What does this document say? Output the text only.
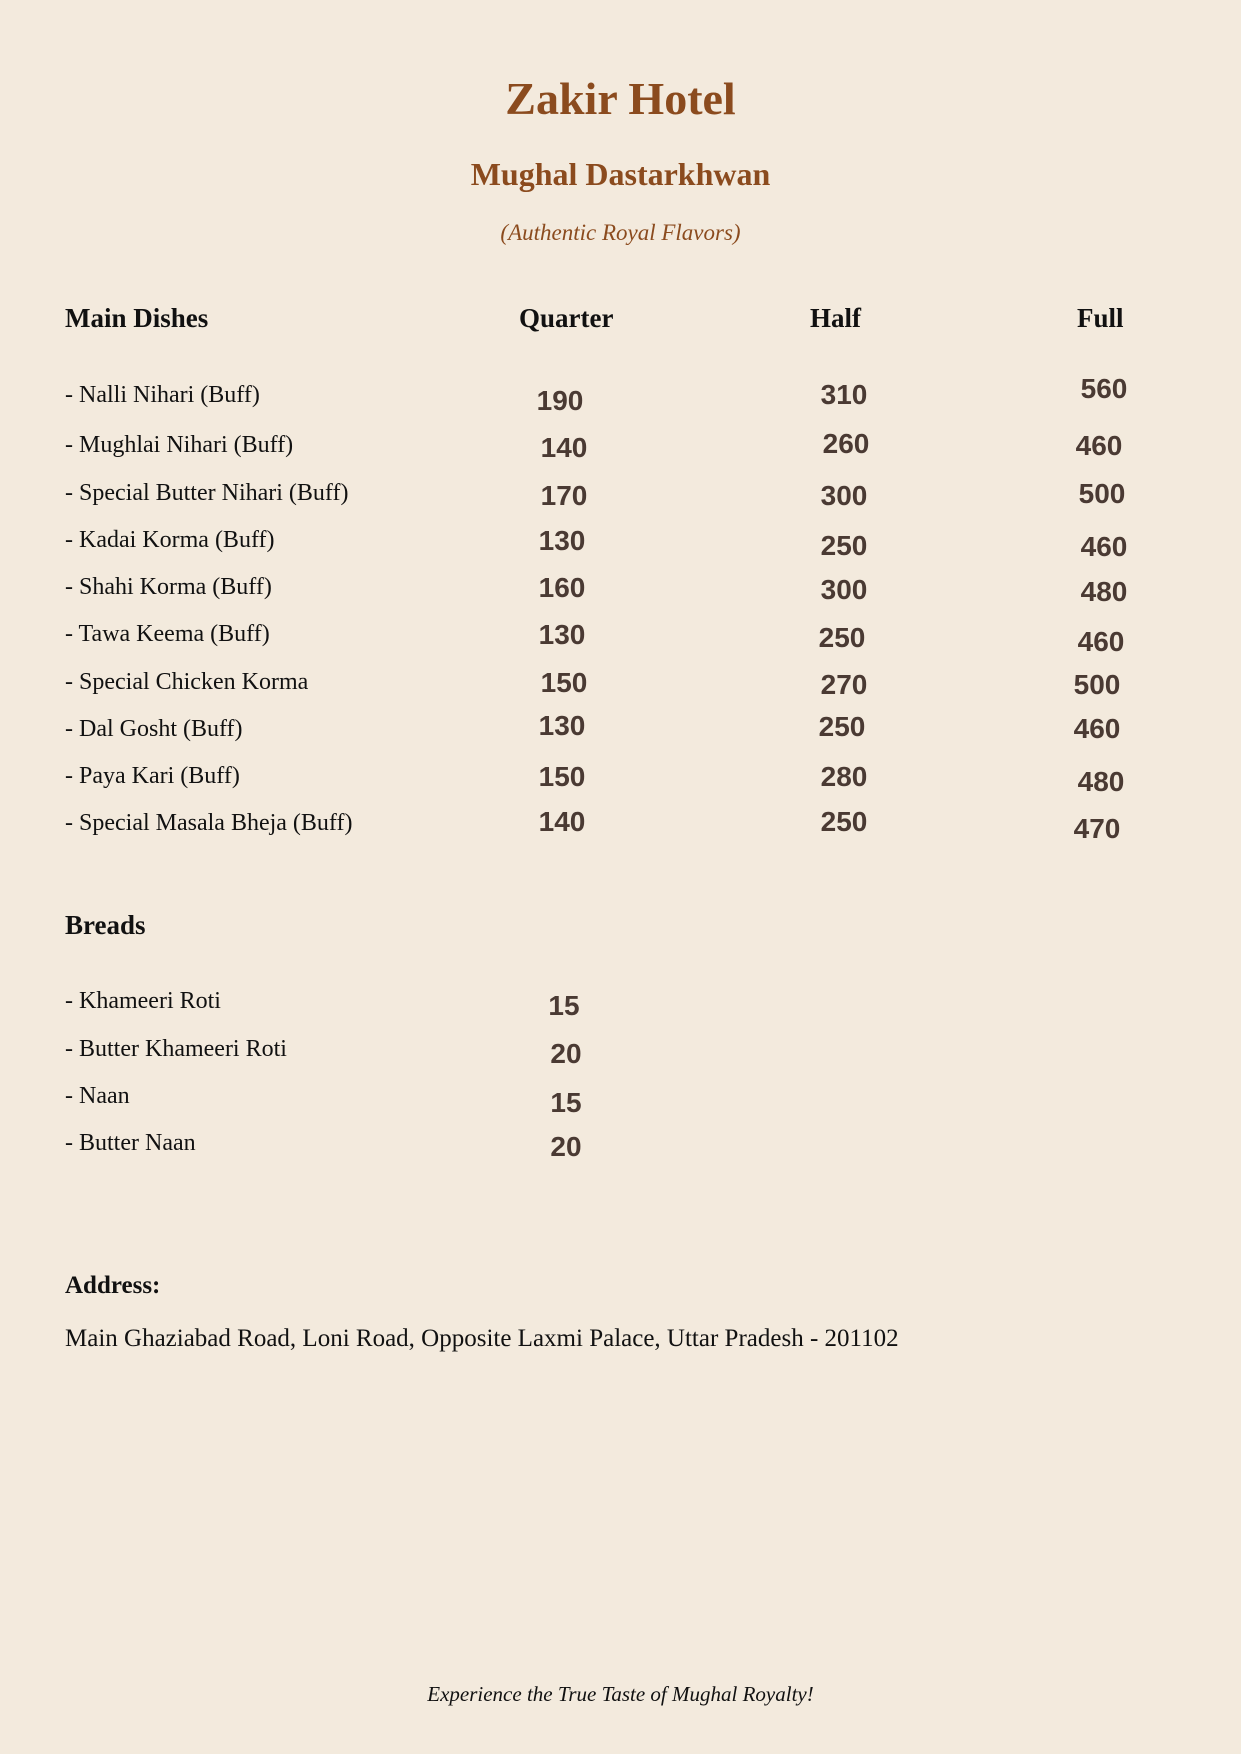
Zakir Hotel
Mughal Dastarkhwan
(Authentic Royal Flavors)
Main Dishes	Quarter	Half	Full
- Nalli Nihari (Buff)	190	310	560
- Mughlai Nihari (Buff)	140	260	460
- Special Butter Nihari (Buff)	170	300	500
- Kadai Korma (Buff)	130	250	460
- Shahi Korma (Buff)	160	300	480
- Tawa Keema (Buff)	130	250	460
- Special Chicken Korma	150	270	500
- Dal Gosht (Buff)	130	250	460
- Paya Kari (Buff)	150	280	480
- Special Masala Bheja (Buff)	140	250	470
Breads
- Khameeri Roti	15
- Butter Khameeri Roti	20
- Naan	15
- Butter Naan	20
Address:
Main Ghaziabad Road, Loni Road, Opposite Laxmi Palace, Uttar Pradesh - 201102
Experience the True Taste of Mughal Royalty!
